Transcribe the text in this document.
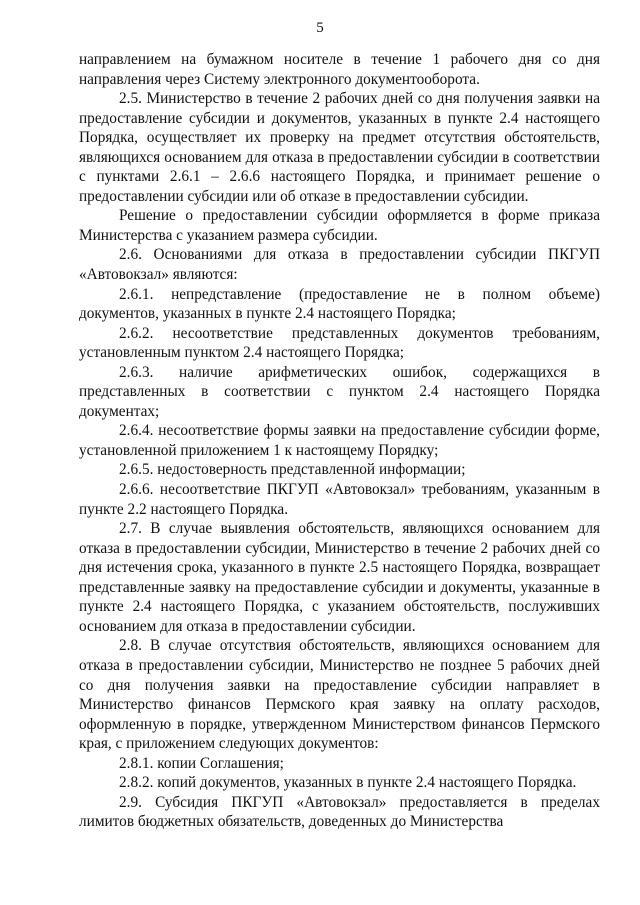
5

направлением на бумажном носителе в течение 1 рабочего дня со дня направления через Систему электронного документооборота.

2.5. Министерство в течение 2 рабочих дней со дня получения заявки на предоставление субсидии и документов, указанных в пункте 2.4 настоящего Порядка, осуществляет их проверку на предмет отсутствия обстоятельств, являющихся основанием для отказа в предоставлении субсидии в соответствии с пунктами 2.6.1 – 2.6.6 настоящего Порядка, и принимает решение о предоставлении субсидии или об отказе в предоставлении субсидии.

Решение о предоставлении субсидии оформляется в форме приказа Министерства с указанием размера субсидии.

2.6. Основаниями для отказа в предоставлении субсидии ПКГУП «Автовокзал» являются:

2.6.1. непредставление (предоставление не в полном объеме) документов, указанных в пункте 2.4 настоящего Порядка;

2.6.2. несоответствие представленных документов требованиям, установленным пунктом 2.4 настоящего Порядка;

2.6.3. наличие арифметических ошибок, содержащихся в представленных в соответствии с пунктом 2.4 настоящего Порядка документах;

2.6.4. несоответствие формы заявки на предоставление субсидии форме, установленной приложением 1 к настоящему Порядку;

2.6.5. недостоверность представленной информации;

2.6.6. несоответствие ПКГУП «Автовокзал» требованиям, указанным в пункте 2.2 настоящего Порядка.

2.7. В случае выявления обстоятельств, являющихся основанием для отказа в предоставлении субсидии, Министерство в течение 2 рабочих дней со дня истечения срока, указанного в пункте 2.5 настоящего Порядка, возвращает представленные заявку на предоставление субсидии и документы, указанные в пункте 2.4 настоящего Порядка, с указанием обстоятельств, послуживших основанием для отказа в предоставлении субсидии.

2.8. В случае отсутствия обстоятельств, являющихся основанием для отказа в предоставлении субсидии, Министерство не позднее 5 рабочих дней со дня получения заявки на предоставление субсидии направляет в Министерство финансов Пермского края заявку на оплату расходов, оформленную в порядке, утвержденном Министерством финансов Пермского края, с приложением следующих документов:

2.8.1. копии Соглашения;

2.8.2. копий документов, указанных в пункте 2.4 настоящего Порядка.

2.9. Субсидия ПКГУП «Автовокзал» предоставляется в пределах лимитов бюджетных обязательств, доведенных до Министерства
